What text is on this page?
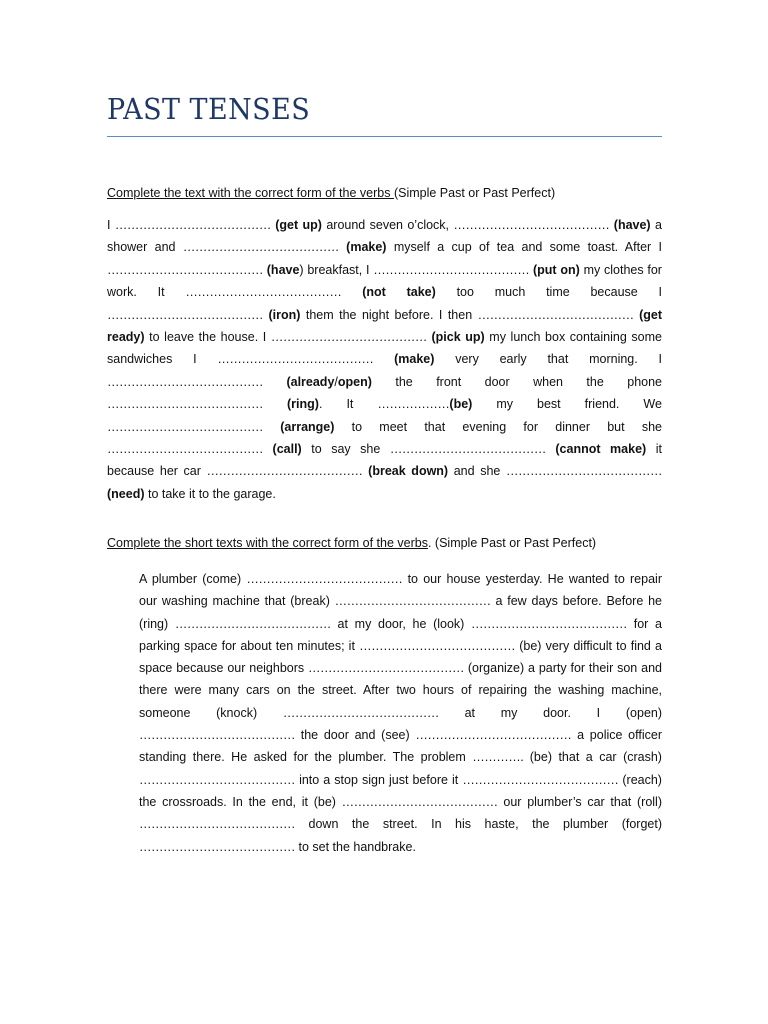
PAST TENSES

Complete the text with the correct form of the verbs (Simple Past or Past Perfect)

I ………………………………… (get up) around seven o’clock, ………………………………… (have) a shower and ………………………………… (make) myself a cup of tea and some toast. After I ………………………………… (have) breakfast, I ………………………………… (put on) my clothes for work. It ………………………………… (not take) too much time because I ………………………………… (iron) them the night before. I then ………………………………… (get ready) to leave the house. I ………………………………… (pick up) my lunch box containing some sandwiches I ………………………………… (make) very early that morning. I ………………………………… (already/open) the front door when the phone ………………………………… (ring). It ………………(be) my best friend. We ………………………………… (arrange) to meet that evening for dinner but she ………………………………… (call) to say she ………………………………… (cannot make) it because her car ………………………………… (break down) and she ………………………………… (need) to take it to the garage.

Complete the short texts with the correct form of the verbs. (Simple Past or Past Perfect)

A plumber (come) ………………………………… to our house yesterday. He wanted to repair our washing machine that (break) ………………………………… a few days before. Before he (ring) ………………………………… at my door, he (look) ………………………………… for a parking space for about ten minutes; it ………………………………… (be) very difficult to find a space because our neighbors ………………………………… (organize) a party for their son and there were many cars on the street. After two hours of repairing the washing machine, someone (knock) ………………………………… at my door. I (open) ………………………………… the door and (see) ………………………………… a police officer standing there. He asked for the plumber. The problem …………. (be) that a car (crash) ………………………………… into a stop sign just before it ………………………………… (reach) the crossroads. In the end, it (be) ………………………………… our plumber’s car that (roll) ………………………………… down the street. In his haste, the plumber (forget) ………………………………… to set the handbrake.
